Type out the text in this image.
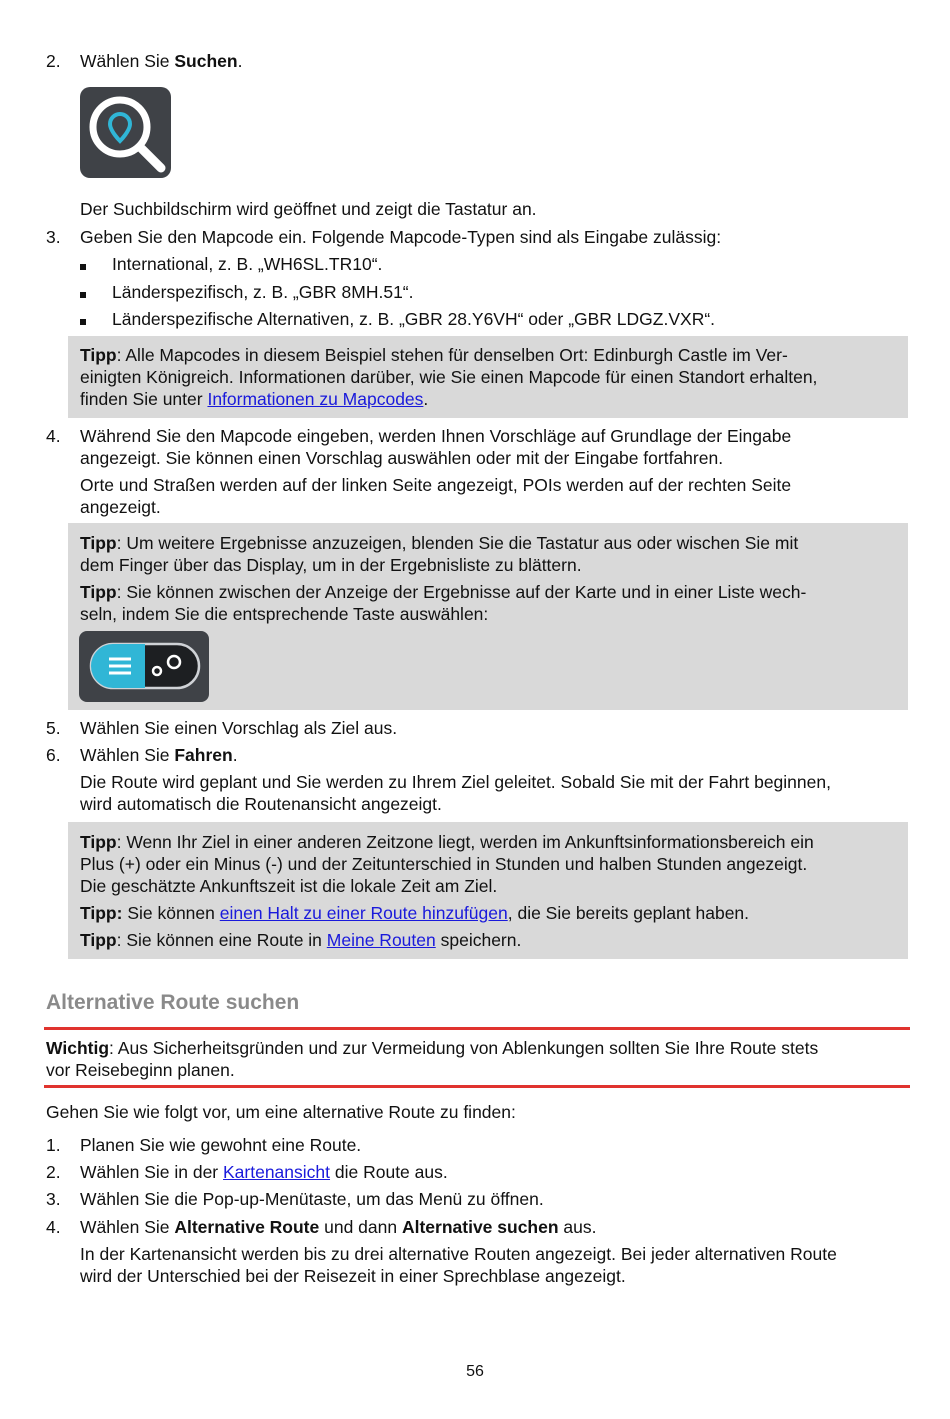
2. Wählen Sie Suchen.
Der Suchbildschirm wird geöffnet und zeigt die Tastatur an.
3. Geben Sie den Mapcode ein. Folgende Mapcode-Typen sind als Eingabe zulässig:
International, z. B. „WH6SL.TR10“.
Länderspezifisch, z. B. „GBR 8MH.51“.
Länderspezifische Alternativen, z. B. „GBR 28.Y6VH“ oder „GBR LDGZ.VXR“.
Tipp: Alle Mapcodes in diesem Beispiel stehen für denselben Ort: Edinburgh Castle im Ver-
einigten Königreich. Informationen darüber, wie Sie einen Mapcode für einen Standort erhalten,
finden Sie unter Informationen zu Mapcodes.
4. Während Sie den Mapcode eingeben, werden Ihnen Vorschläge auf Grundlage der Eingabe
angezeigt. Sie können einen Vorschlag auswählen oder mit der Eingabe fortfahren.
Orte und Straßen werden auf der linken Seite angezeigt, POIs werden auf der rechten Seite
angezeigt.
Tipp: Um weitere Ergebnisse anzuzeigen, blenden Sie die Tastatur aus oder wischen Sie mit
dem Finger über das Display, um in der Ergebnisliste zu blättern.
Tipp: Sie können zwischen der Anzeige der Ergebnisse auf der Karte und in einer Liste wech-
seln, indem Sie die entsprechende Taste auswählen:
5. Wählen Sie einen Vorschlag als Ziel aus.
6. Wählen Sie Fahren.
Die Route wird geplant und Sie werden zu Ihrem Ziel geleitet. Sobald Sie mit der Fahrt beginnen,
wird automatisch die Routenansicht angezeigt.
Tipp: Wenn Ihr Ziel in einer anderen Zeitzone liegt, werden im Ankunftsinformationsbereich ein
Plus (+) oder ein Minus (-) und der Zeitunterschied in Stunden und halben Stunden angezeigt.
Die geschätzte Ankunftszeit ist die lokale Zeit am Ziel.
Tipp: Sie können einen Halt zu einer Route hinzufügen, die Sie bereits geplant haben.
Tipp: Sie können eine Route in Meine Routen speichern.
Alternative Route suchen
Wichtig: Aus Sicherheitsgründen und zur Vermeidung von Ablenkungen sollten Sie Ihre Route stets
vor Reisebeginn planen.
Gehen Sie wie folgt vor, um eine alternative Route zu finden:
1. Planen Sie wie gewohnt eine Route.
2. Wählen Sie in der Kartenansicht die Route aus.
3. Wählen Sie die Pop-up-Menütaste, um das Menü zu öffnen.
4. Wählen Sie Alternative Route und dann Alternative suchen aus.
In der Kartenansicht werden bis zu drei alternative Routen angezeigt. Bei jeder alternativen Route
wird der Unterschied bei der Reisezeit in einer Sprechblase angezeigt.
56
